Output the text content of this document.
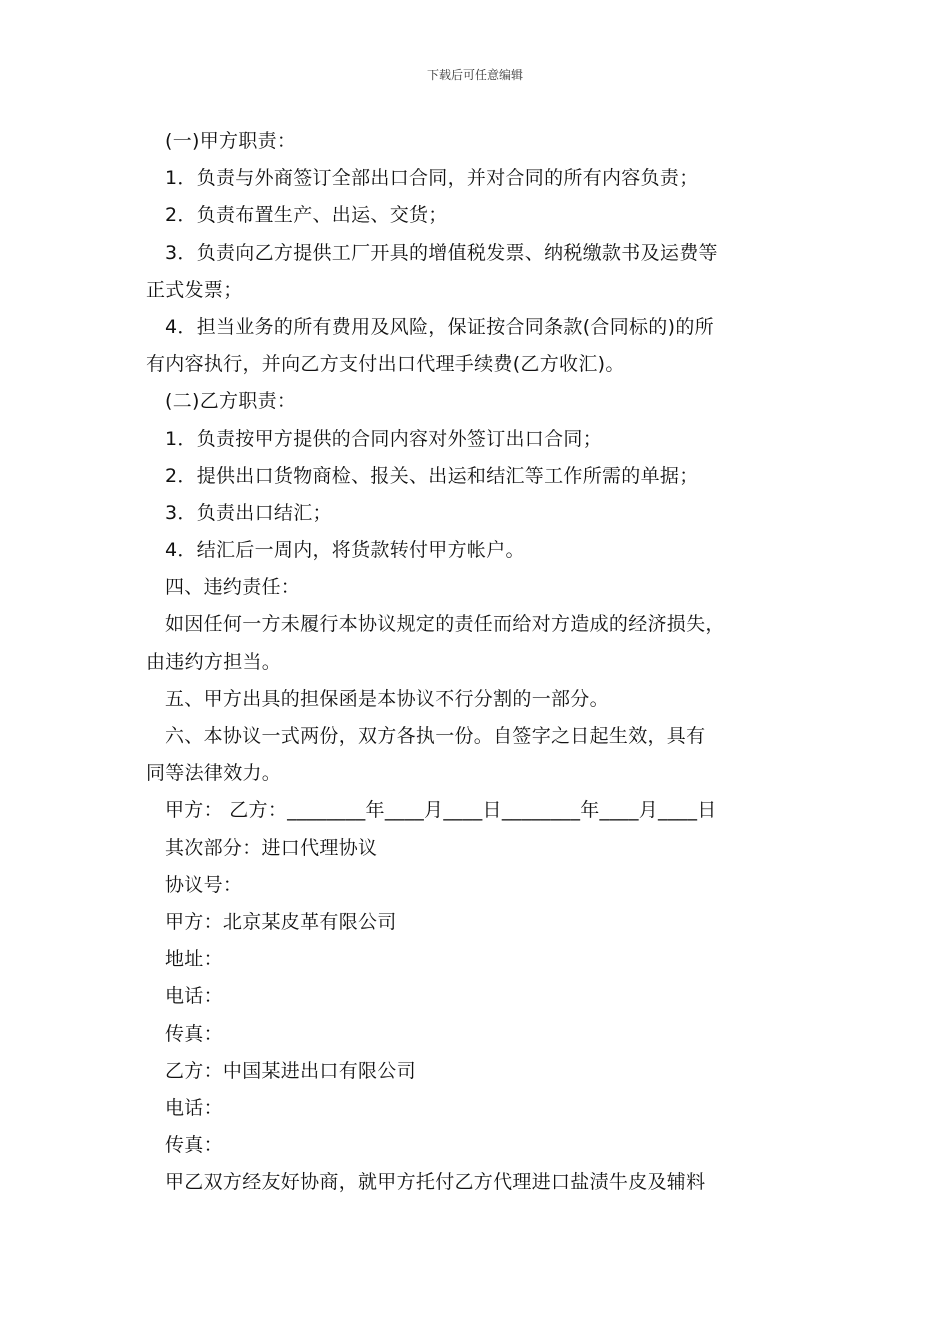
下载后可任意编辑
(一)甲方职责：
1．负责与外商签订全部出口合同，并对合同的所有内容负责；
2．负责布置生产、出运、交货；
3．负责向乙方提供工厂开具的增值税发票、纳税缴款书及运费等
正式发票；
4．担当业务的所有费用及风险，保证按合同条款(合同标的)的所
有内容执行，并向乙方支付出口代理手续费(乙方收汇)。
(二)乙方职责：
1．负责按甲方提供的合同内容对外签订出口合同；
2．提供出口货物商检、报关、出运和结汇等工作所需的单据；
3．负责出口结汇；
4．结汇后一周内，将货款转付甲方帐户。
四、违约责任：
如因任何一方未履行本协议规定的责任而给对方造成的经济损失，
由违约方担当。
五、甲方出具的担保函是本协议不行分割的一部分。
六、本协议一式两份，双方各执一份。自签字之日起生效，具有
同等法律效力。
甲方： 乙方：________年____月____日________年____月____日
其次部分：进口代理协议
协议号：
甲方：北京某皮革有限公司
地址：
电话：
传真：
乙方：中国某进出口有限公司
电话：
传真：
甲乙双方经友好协商，就甲方托付乙方代理进口盐渍牛皮及辅料
